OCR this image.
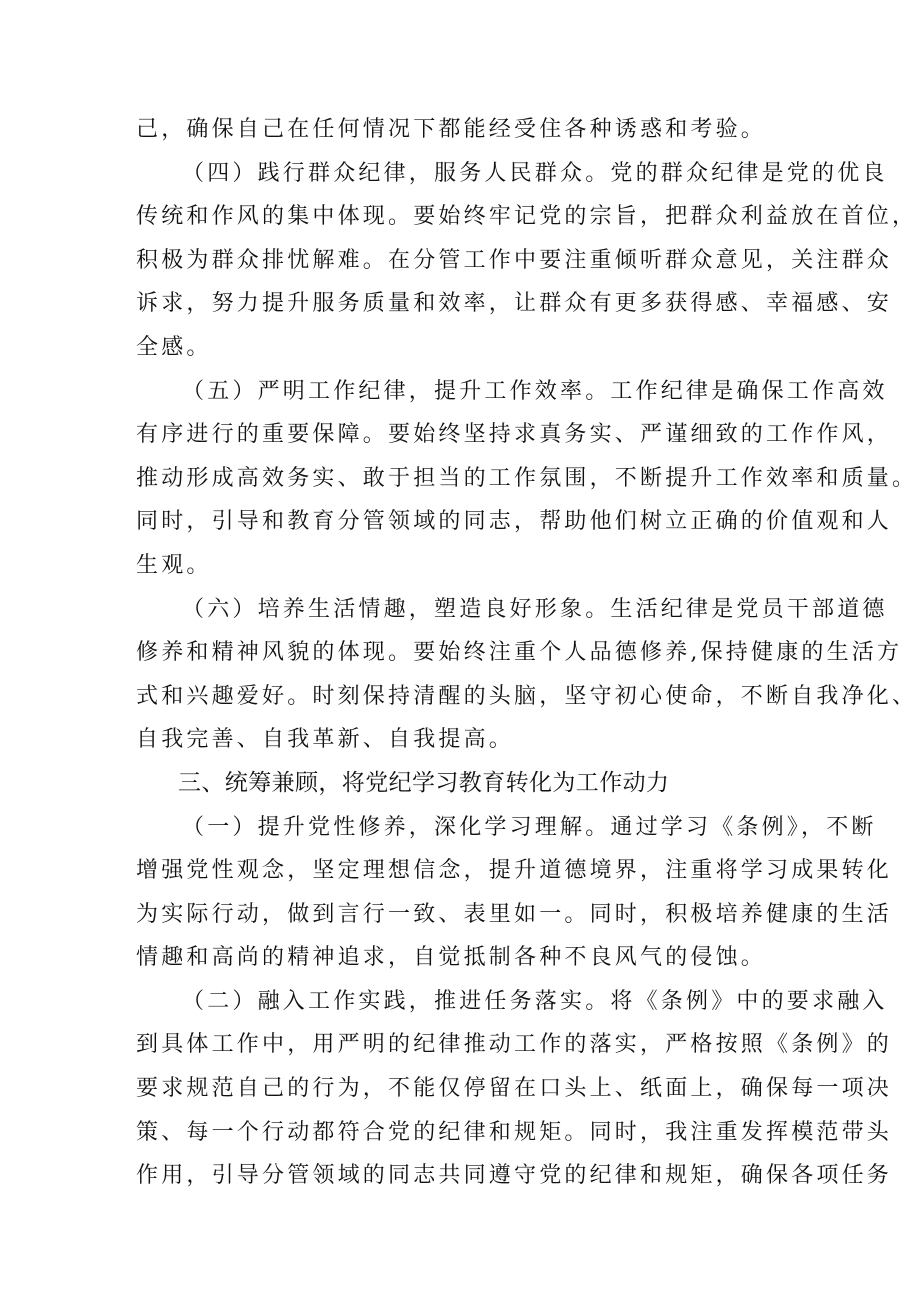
己，确保自己在任何情况下都能经受住各种诱惑和考验。
（四）践行群众纪律，服务人民群众。党的群众纪律是党的优良
传统和作风的集中体现。要始终牢记党的宗旨，把群众利益放在首位，
积极为群众排忧解难。在分管工作中要注重倾听群众意见，关注群众
诉求，努力提升服务质量和效率，让群众有更多获得感、幸福感、安
全感。
（五）严明工作纪律，提升工作效率。工作纪律是确保工作高效
有序进行的重要保障。要始终坚持求真务实、严谨细致的工作作风，
推动形成高效务实、敢于担当的工作氛围，不断提升工作效率和质量。
同时，引导和教育分管领域的同志，帮助他们树立正确的价值观和人
生观。
（六）培养生活情趣，塑造良好形象。生活纪律是党员干部道德
修养和精神风貌的体现。要始终注重个人品德修养,保持健康的生活方
式和兴趣爱好。时刻保持清醒的头脑，坚守初心使命，不断自我净化、
自我完善、自我革新、自我提高。
三、统筹兼顾，将党纪学习教育转化为工作动力
（一）提升党性修养，深化学习理解。通过学习《条例》，不断
增强党性观念，坚定理想信念，提升道德境界，注重将学习成果转化
为实际行动，做到言行一致、表里如一。同时，积极培养健康的生活
情趣和高尚的精神追求，自觉抵制各种不良风气的侵蚀。
（二）融入工作实践，推进任务落实。将《条例》中的要求融入
到具体工作中，用严明的纪律推动工作的落实，严格按照《条例》的
要求规范自己的行为，不能仅停留在口头上、纸面上，确保每一项决
策、每一个行动都符合党的纪律和规矩。同时，我注重发挥模范带头
作用，引导分管领域的同志共同遵守党的纪律和规矩，确保各项任务
